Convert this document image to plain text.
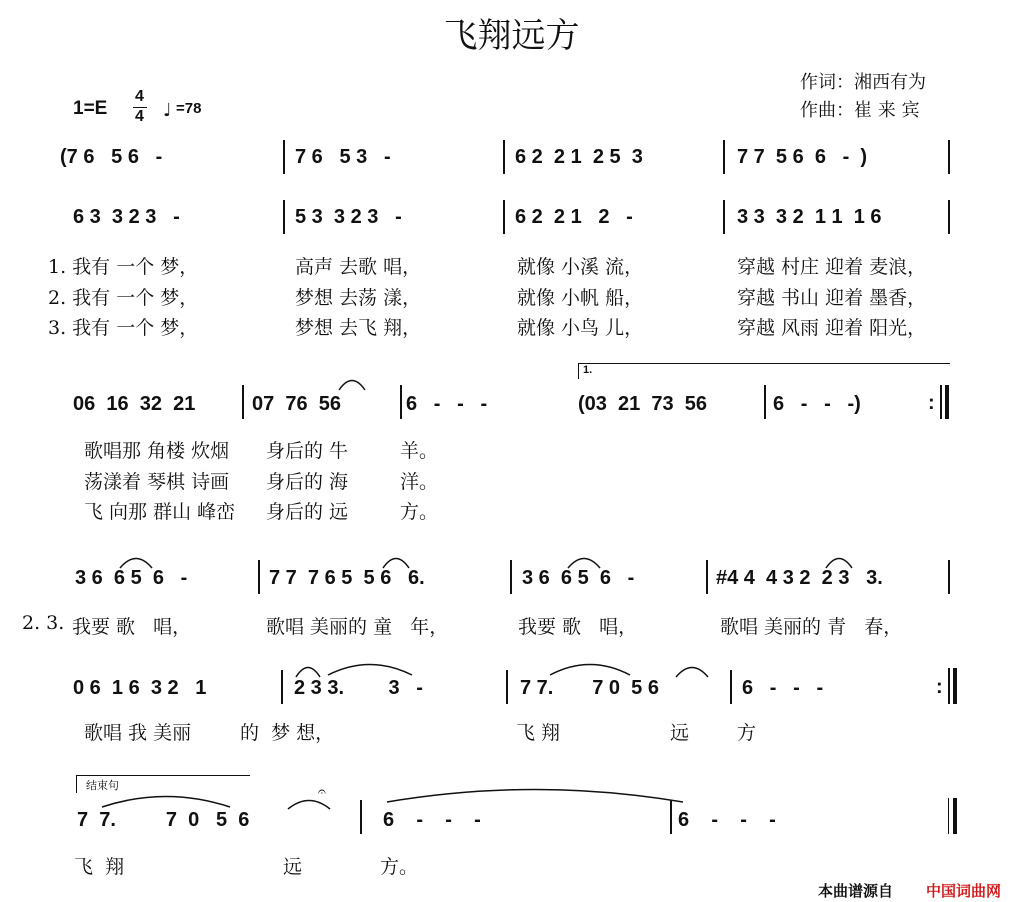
飞翔远方
作词：湘西有为
作曲：崔 来 宾
1=E
4
4 ♩ =78
(7 6   5 6   -	7 6   5 3   -	6 2  2 1  2 5  3	7 7  5 6  6   -  )
6 3  3 2 3   -	5 3  3 2 3   -	6 2  2 1   2   -	3 3  3 2  1 1  1 6
1. 我有 一个 梦，	高声 去歌 唱，	就像 小溪 流，	穿越 村庄 迎着 麦浪，
2. 我有 一个 梦，	梦想 去荡 漾，	就像 小帆 船，	穿越 书山 迎着 墨香，
3. 我有 一个 梦，	梦想 去飞 翔，	就像 小鸟 儿，	穿越 风雨 迎着 阳光，
1.
06  16  32  21	07  76  56	6   -   -   -	(03  21  73  56	6   -   -   -)	:
歌唱那 角楼 炊烟 身后的 牛	羊。
荡漾着 琴棋 诗画 身后的 海	洋。
飞 向那 群山 峰峦 身后的 远	方。
3 6  6 5  6   -	7 7  7 6 5  5 6   6.	3 6  6 5  6   -	#4 4  4 3 2  2 3   3.
2. 3. 我要 歌   唱，	歌唱 美丽的 童   年，	我要 歌   唱，	歌唱 美丽的 青   春，
0 6  1 6  3 2   1	2 3 3.        3   -	7 7.       7 0  5 6	6   -   -   -	:
歌唱 我 美丽	的  梦 想，	飞 翔	远	方
结束句
7  7.         7  0   5  6
𝄐
6    -    -    -	6    -    -    -
飞  翔	远	方。
本曲谱源自 中国词曲网
